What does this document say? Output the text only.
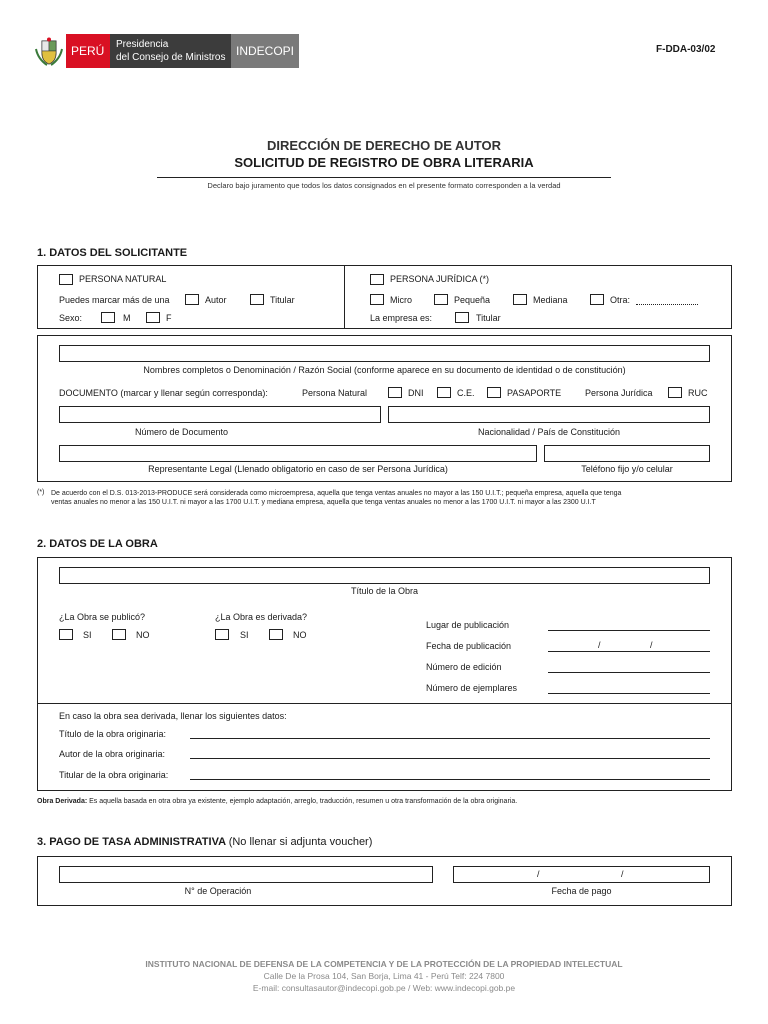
PERÚ Presidencia
del Consejo de Ministros INDECOPI	F-DDA-03/02
DIRECCIÓN DE DERECHO DE AUTOR
SOLICITUD DE REGISTRO DE OBRA LITERARIA
Declaro bajo juramento que todos los datos consignados en el presente formato corresponden a la verdad
1. DATOS DEL SOLICITANTE
PERSONA NATURAL
Puedes marcar más de una	Autor	Titular
Sexo:	M	F
PERSONA JURÍDICA (*)
Micro	Pequeña	Mediana	Otra:
La empresa es:	Titular
Nombres completos o Denominación / Razón Social (conforme aparece en su documento de identidad o de constitución)
DOCUMENTO (marcar y llenar según corresponda):	Persona Natural	DNI	C.E.	PASAPORTE	Persona Jurídica	RUC
Número de Documento	Nacionalidad / País de Constitución
Representante Legal (Llenado obligatorio en caso de ser Persona Jurídica)	Teléfono fijo y/o celular
(*) De acuerdo con el D.S. 013-2013-PRODUCE será considerada como microempresa, aquella que tenga ventas anuales no mayor a las 150 U.I.T.; pequeña empresa, aquella que tenga
ventas anuales no menor a las 150 U.I.T. ni mayor a las 1700 U.I.T. y mediana empresa, aquella que tenga ventas anuales no menor a las 1700 U.I.T. ni mayor a las 2300 U.I.T
2. DATOS DE LA OBRA
Título de la Obra
¿La Obra se publicó?
SI	NO
¿La Obra es derivada?
SI	NO
Lugar de publicación
Fecha de publicación	/	/
Número de edición
Número de ejemplares
En caso la obra sea derivada, llenar los siguientes datos:
Título de la obra originaria:
Autor de la obra originaria:
Titular de la obra originaria:
Obra Derivada: Es aquella basada en otra obra ya existente, ejemplo adaptación, arreglo, traducción, resumen u otra transformación de la obra originaria.
3. PAGO DE TASA ADMINISTRATIVA (No llenar si adjunta voucher)
N° de Operación
/	/
Fecha de pago
INSTITUTO NACIONAL DE DEFENSA DE LA COMPETENCIA Y DE LA PROTECCIÓN DE LA PROPIEDAD INTELECTUAL
Calle De la Prosa 104, San Borja, Lima 41 - Perú Telf: 224 7800
E-mail: consultasautor@indecopi.gob.pe / Web: www.indecopi.gob.pe
